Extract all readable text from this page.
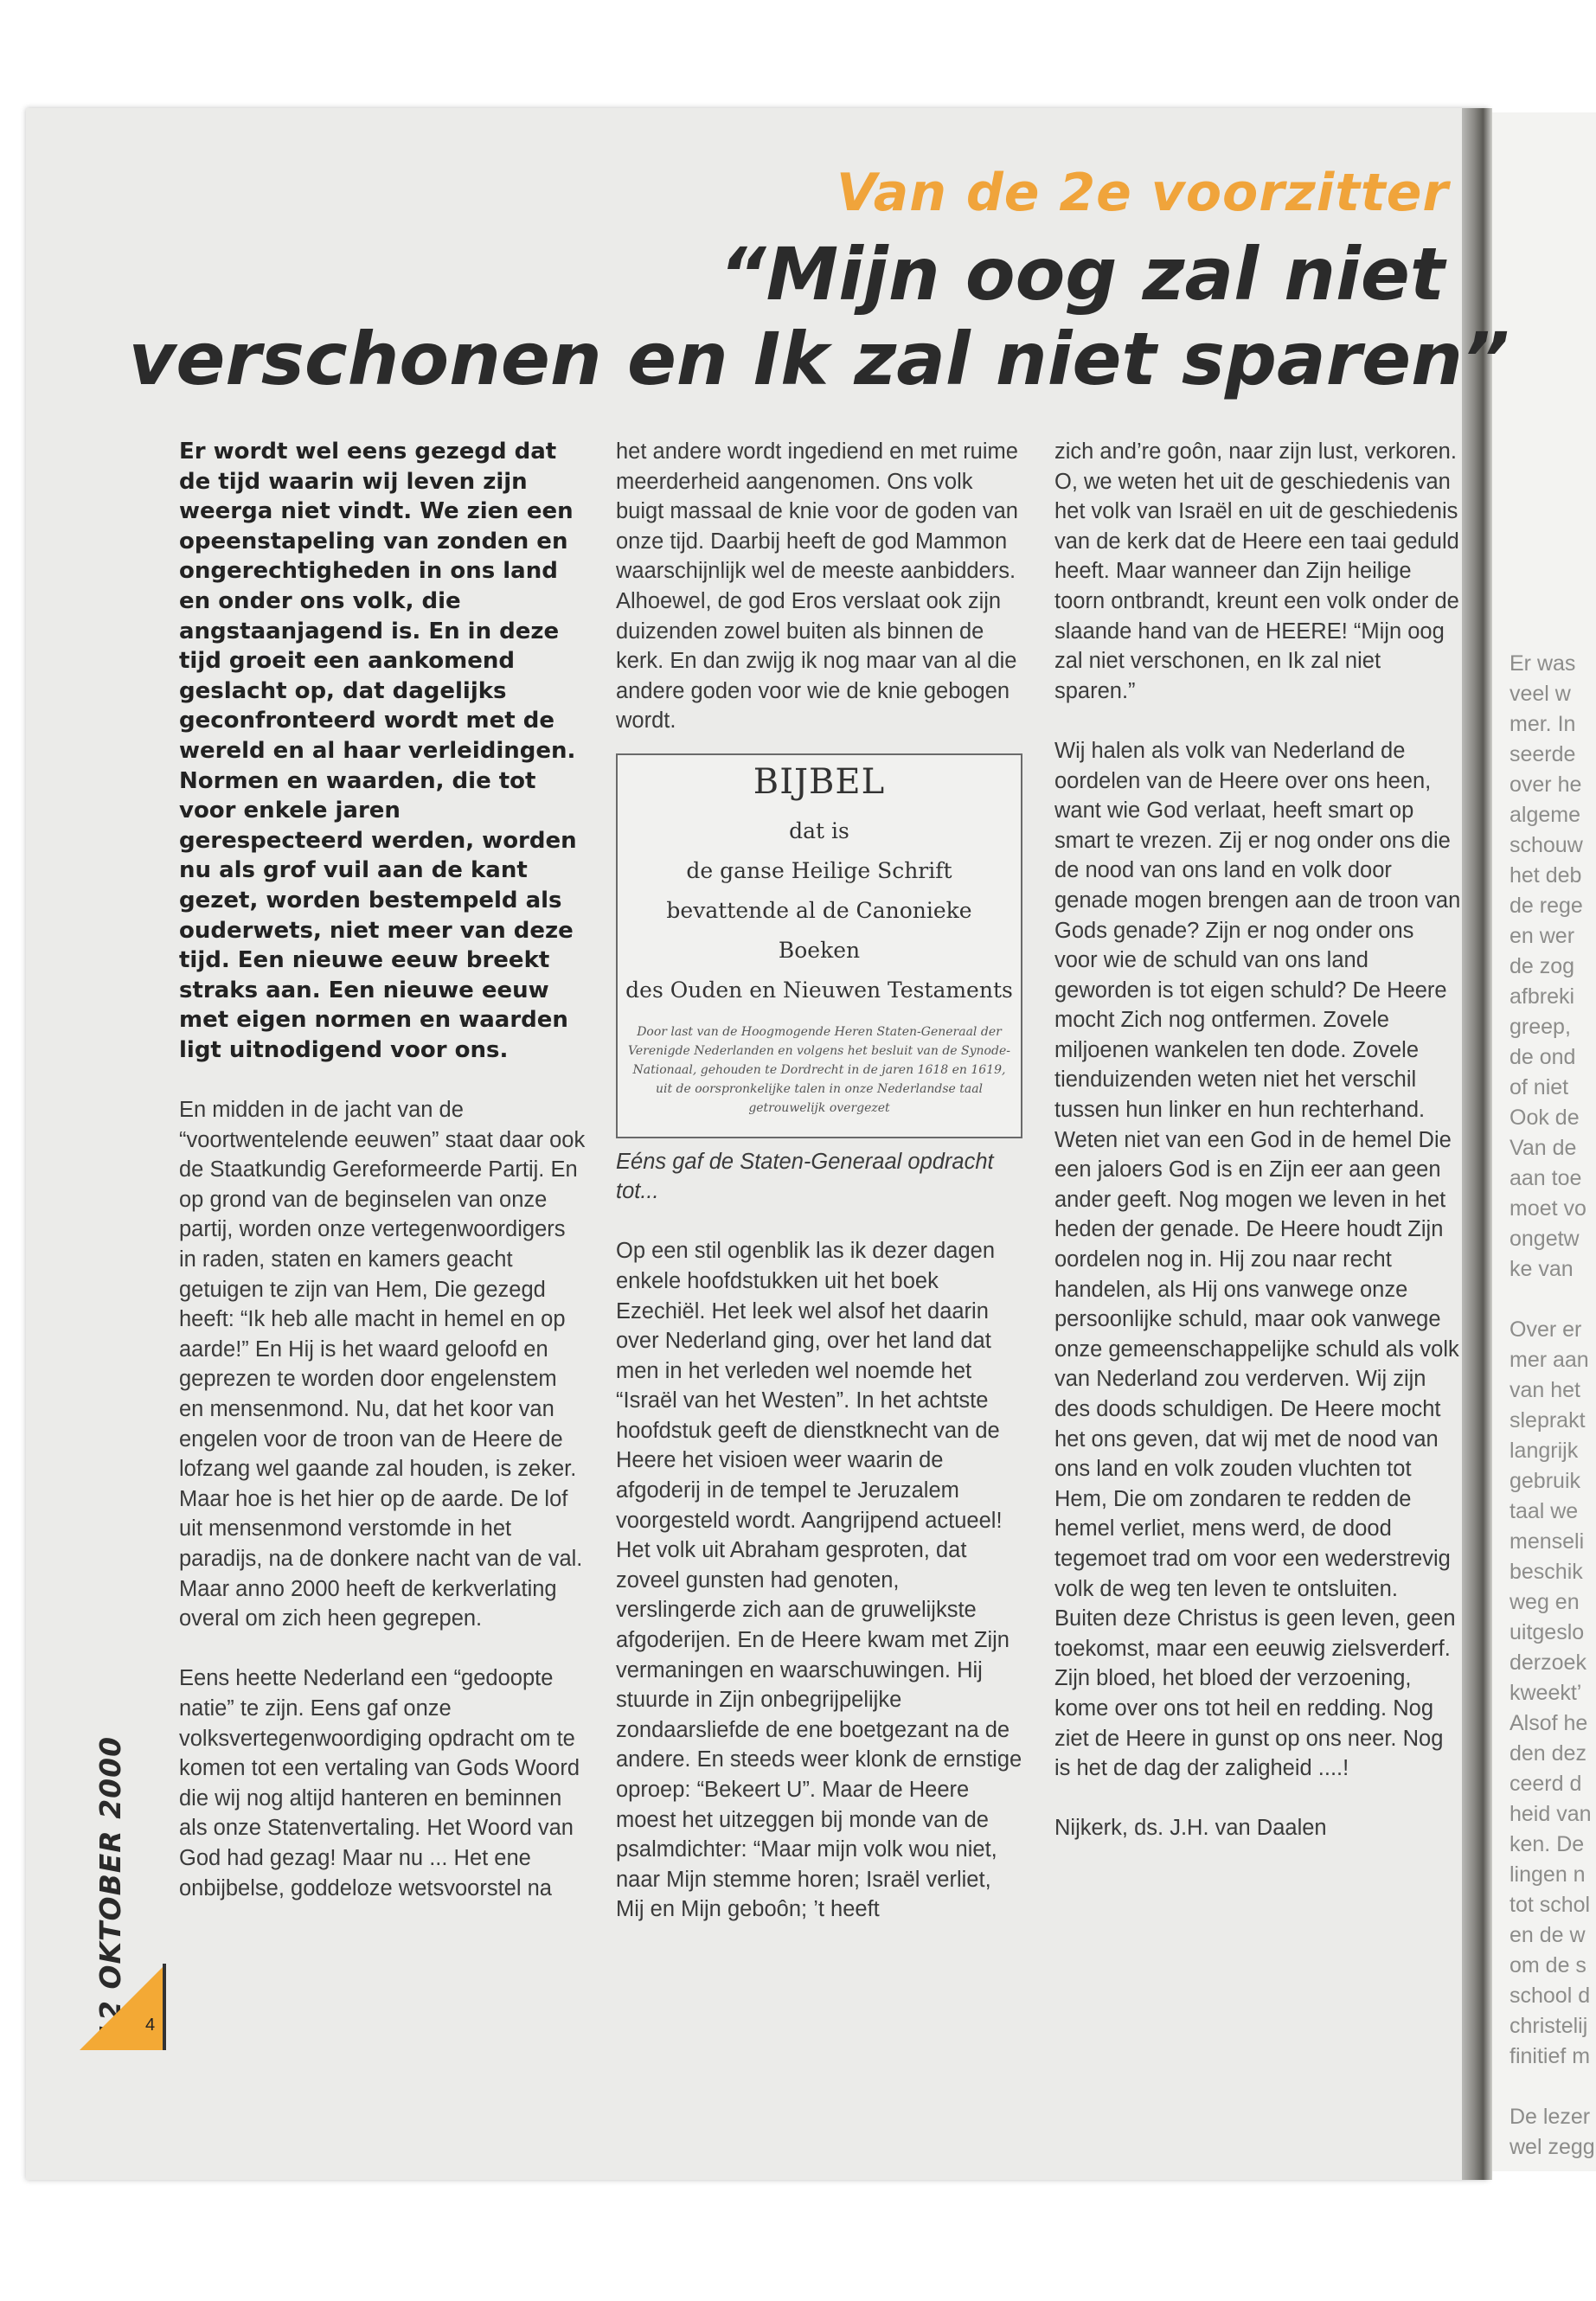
Er was
veel w
mer. In
seerde
over he
algeme
schouw
het deb
de rege
en wer
de zog
afbreki
greep,
de ond
of niet
Ook de
Van de
aan toe
moet vo
ongetw
ke van
Over er
mer aan
van het
sleprakt
langrijk
gebruik
taal we
menseli
beschik
weg en
uitgeslo
derzoek
kweekt’
Alsof he
den dez
ceerd d
heid van
ken. De
lingen n
tot schol
en de w
om de s
school d
christelij
finitief m
De lezer
wel zegg
Van de 2e voorzitter
“Mijn oog zal niet
verschonen en Ik zal niet sparen”

Er wordt wel eens gezegd dat de tijd waarin wij leven zijn weerga niet vindt. We zien een opeenstapeling van zonden en ongerechtigheden in ons land en onder ons volk, die angstaanjagend is. En in deze tijd groeit een aankomend geslacht op, dat dagelijks geconfronteerd wordt met de wereld en al haar verleidingen. Normen en waarden, die tot voor enkele jaren gerespecteerd werden, worden nu als grof vuil aan de kant gezet, worden bestempeld als ouderwets, niet meer van deze tijd. Een nieuwe eeuw breekt straks aan. Een nieuwe eeuw met eigen normen en waarden ligt uitnodigend voor ons.

En midden in de jacht van de “voortwentelende eeuwen” staat daar ook de Staatkundig Gereformeerde Partij. En op grond van de beginselen van onze partij, worden onze vertegenwoordigers in raden, staten en kamers geacht getuigen te zijn van Hem, Die gezegd heeft: “Ik heb alle macht in hemel en op aarde!” En Hij is het waard geloofd en geprezen te worden door engelenstem en mensenmond. Nu, dat het koor van engelen voor de troon van de Heere de lofzang wel gaande zal houden, is zeker. Maar hoe is het hier op de aarde. De lof uit mensenmond verstomde in het paradijs, na de donkere nacht van de val. Maar anno 2000 heeft de kerkverlating overal om zich heen gegrepen.

Eens heette Nederland een “gedoopte natie” te zijn. Eens gaf onze volksvertegenwoordiging opdracht om te komen tot een vertaling van Gods Woord die wij nog altijd hanteren en beminnen als onze Statenvertaling. Het Woord van God had gezag! Maar nu ... Het ene onbijbelse, goddeloze wetsvoorstel na

het andere wordt ingediend en met ruime meerderheid aangenomen. Ons volk buigt massaal de knie voor de goden van onze tijd. Daarbij heeft de god Mammon waarschijnlijk wel de meeste aanbidders. Alhoewel, de god Eros verslaat ook zijn duizenden zowel buiten als binnen de kerk. En dan zwijg ik nog maar van al die andere goden voor wie de knie gebogen wordt.

BIJBEL
dat is
de ganse Heilige Schrift
bevattende al de Canonieke Boeken
des Ouden en Nieuwen Testaments
Door last van de Hoogmogende Heren Staten-Generaal der Verenigde Nederlanden en volgens het besluit van de Synode-Nationaal, gehouden te Dordrecht in de jaren 1618 en 1619, uit de oorspronkelijke talen in onze Nederlandse taal getrouwelijk overgezet

Eéns gaf de Staten-Generaal opdracht tot...

Op een stil ogenblik las ik dezer dagen enkele hoofdstukken uit het boek Ezechiël. Het leek wel alsof het daarin over Nederland ging, over het land dat men in het verleden wel noemde het “Israël van het Westen”. In het achtste hoofdstuk geeft de dienstknecht van de Heere het visioen weer waarin de afgoderij in de tempel te Jeruzalem voorgesteld wordt. Aangrijpend actueel! Het volk uit Abraham gesproten, dat zoveel gunsten had genoten, verslingerde zich aan de gruwelijkste afgoderijen. En de Heere kwam met Zijn vermaningen en waarschuwingen. Hij stuurde in Zijn onbegrijpelijke zondaarsliefde de ene boetgezant na de andere. En steeds weer klonk de ernstige oproep: “Bekeert U”. Maar de Heere moest het uitzeggen bij monde van de psalmdichter: “Maar mijn volk wou niet, naar Mijn stemme horen; Israël verliet, Mij en Mijn geboôn; ’t heeft

zich and’re goôn, naar zijn lust, verkoren. O, we weten het uit de geschiedenis van het volk van Israël en uit de geschiedenis van de kerk dat de Heere een taai geduld heeft. Maar wanneer dan Zijn heilige toorn ontbrandt, kreunt een volk onder de slaande hand van de HEERE! “Mijn oog zal niet verschonen, en Ik zal niet sparen.”

Wij halen als volk van Nederland de oordelen van de Heere over ons heen, want wie God verlaat, heeft smart op smart te vrezen. Zij er nog onder ons die de nood van ons land en volk door genade mogen brengen aan de troon van Gods genade? Zijn er nog onder ons voor wie de schuld van ons land geworden is tot eigen schuld? De Heere mocht Zich nog ontfermen. Zovele miljoenen wankelen ten dode. Zovele tienduizenden weten niet het verschil tussen hun linker en hun rechterhand. Weten niet van een God in de hemel Die een jaloers God is en Zijn eer aan geen ander geeft. Nog mogen we leven in het heden der genade. De Heere houdt Zijn oordelen nog in. Hij zou naar recht handelen, als Hij ons vanwege onze persoonlijke schuld, maar ook vanwege onze gemeenschappelijke schuld als volk van Nederland zou verderven. Wij zijn des doods schuldigen. De Heere mocht het ons geven, dat wij met de nood van ons land en volk zouden vluchten tot Hem, Die om zondaren te redden de hemel verliet, mens werd, de dood tegemoet trad om voor een wederstrevig volk de weg ten leven te ontsluiten. Buiten deze Christus is geen leven, geen toekomst, maar een eeuwig zielsverderf. Zijn bloed, het bloed der verzoening, kome over ons tot heil en redding. Nog ziet de Heere in gunst op ons neer. Nog is het de dag der zaligheid ....!

Nijkerk, ds. J.H. van Daalen

12 OKTOBER 2000	4
